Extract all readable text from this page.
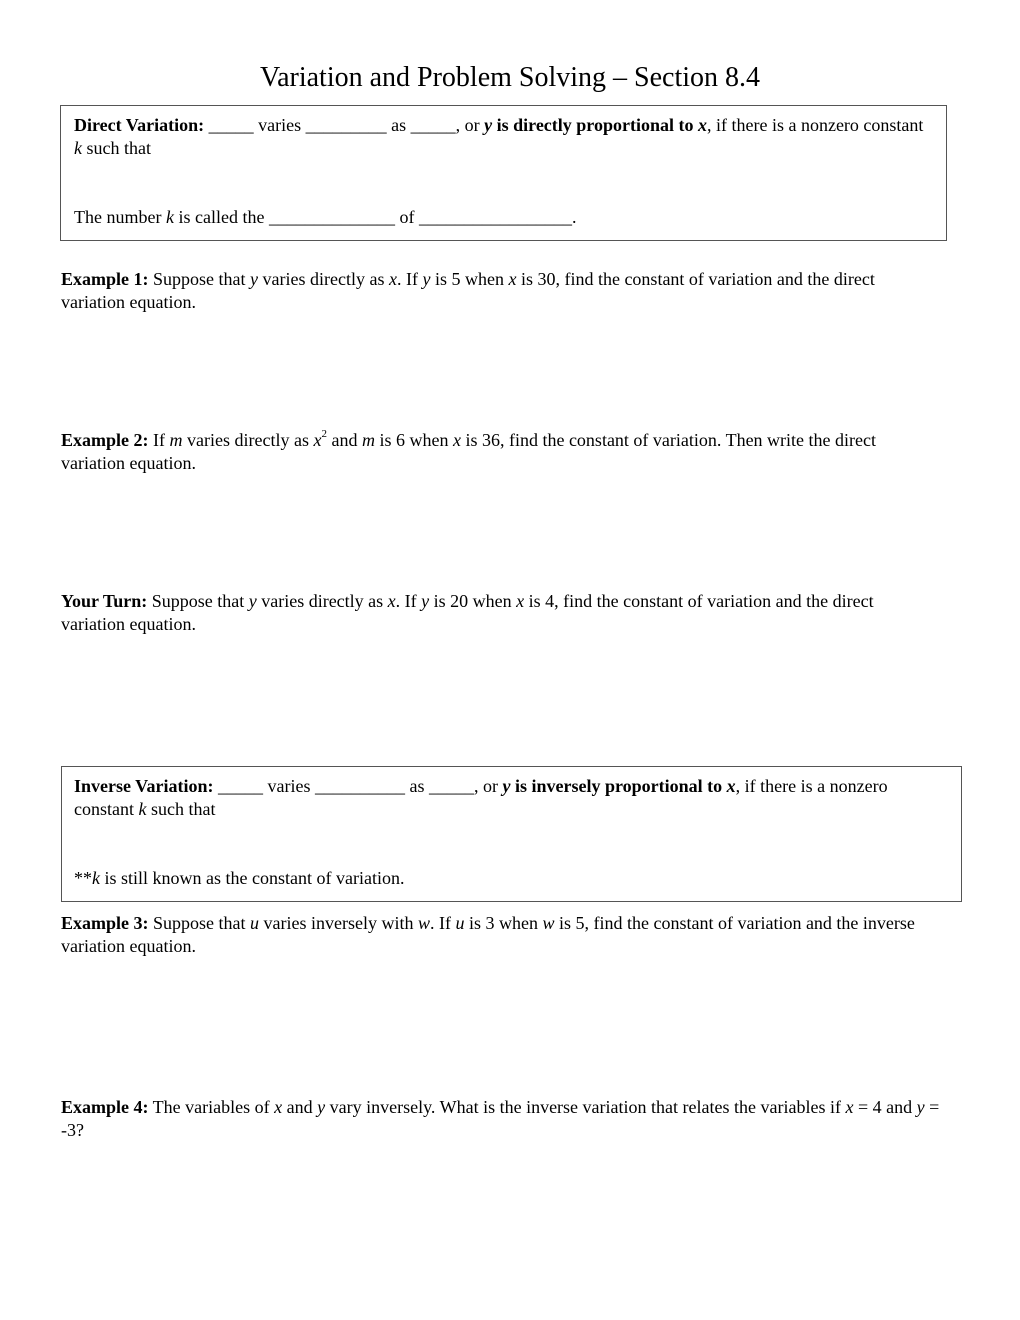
Variation and Problem Solving – Section 8.4

Direct Variation: _____ varies _________ as _____, or y is directly proportional to x, if there is a nonzero constant k such that

The number k is called the ______________ of _________________.

Example 1: Suppose that y varies directly as x. If y is 5 when x is 30, find the constant of variation and the direct variation equation.

Example 2: If m varies directly as $x^2$ and m is 6 when x is 36, find the constant of variation. Then write the direct variation equation.

Your Turn: Suppose that y varies directly as x. If y is 20 when x is 4, find the constant of variation and the direct variation equation.

Inverse Variation: _____ varies __________ as _____, or y is inversely proportional to x, if there is a nonzero constant k such that

**k is still known as the constant of variation.

Example 3: Suppose that u varies inversely with w. If u is 3 when w is 5, find the constant of variation and the inverse variation equation.

Example 4: The variables of x and y vary inversely. What is the inverse variation that relates the variables if x = 4 and y = -3?
